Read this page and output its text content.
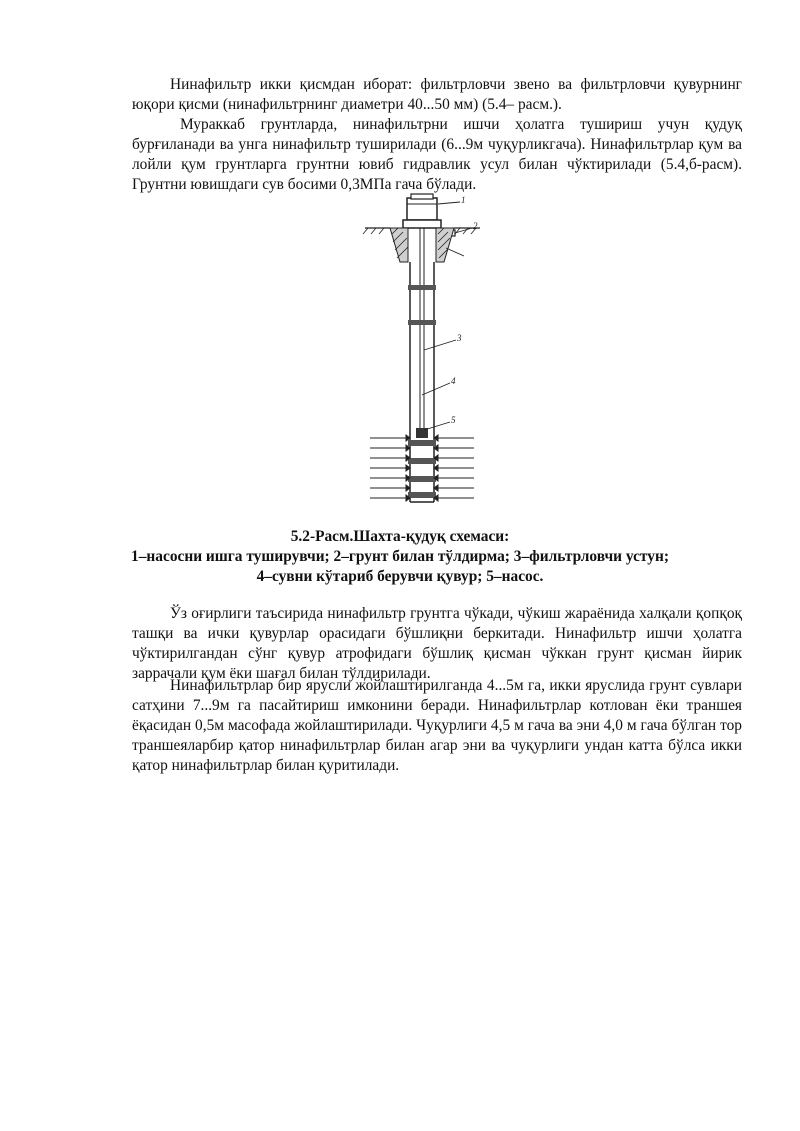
Нинафильтр икки қисмдан иборат: фильтрловчи звено ва фильтрловчи қувурнинг юқори қисми (нинафильтрнинг диаметри 40...50 мм) (5.4– расм.).

Мураккаб грунтларда, нинафильтрни ишчи ҳолатга тушириш учун қудуқ бурғиланади ва унга нинафильтр туширилади (6...9м чуқурликгача). Нинафильтрлар қум ва лойли қум грунтларга грунтни ювиб гидравлик усул билан чўктирилади (5.4,б-расм). Грунтни ювишдаги сув босими 0,3МПа гача бўлади.

1
2
3
4
5
5.2-Расм.Шахта-қудуқ схемаси:
1–насосни ишга туширувчи; 2–грунт билан тўлдирма; 3–фильтрловчи устун;
4–сувни кўтариб берувчи қувур; 5–насос.

Ўз оғирлиги таъсирида нинафильтр грунтга чўкади, чўкиш жараёнида халқали қопқоқ ташқи ва ички қувурлар орасидаги бўшлиқни беркитади. Нинафильтр ишчи ҳолатга чўктирилгандан сўнг қувур атрофидаги бўшлиқ қисман чўккан грунт қисман йирик заррачали қум ёки шағал билан тўлдирилади.

Нинафильтрлар бир ярусли жойлаштирилганда 4...5м га, икки яруслида грунт сувлари сатҳини 7...9м га пасайтириш имконини беради. Нинафильтрлар котлован ёки траншея ёқасидан 0,5м масофада жойлаштирилади. Чуқурлиги 4,5 м гача ва эни 4,0 м гача бўлган тор траншеяларбир қатор нинафильтрлар билан агар эни ва чуқурлиги ундан катта бўлса икки қатор нинафильтрлар билан қуритилади.
